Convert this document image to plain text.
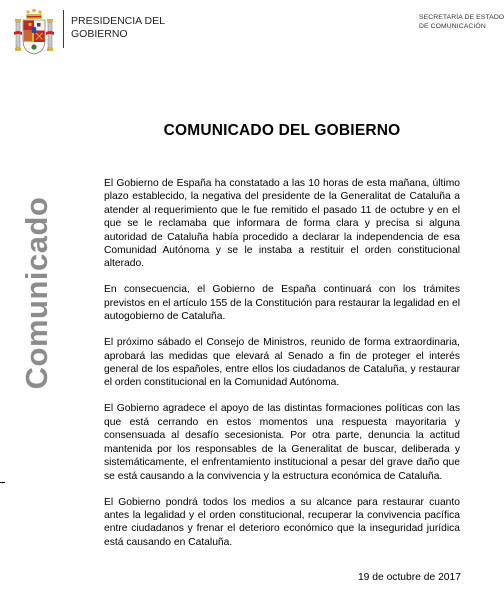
PRESIDENCIA DEL
GOBIERNO
SECRETARÍA DE ESTADO
DE COMUNICACIÓN
Comunicado
COMUNICADO DEL GOBIERNO

El Gobierno de España ha constatado a las 10 horas de esta mañana, último plazo establecido, la negativa del presidente de la Generalitat de Cataluña a atender al requerimiento que le fue remitido el pasado 11 de octubre y en el que se le reclamaba que informara de forma clara y precisa si alguna autoridad de Cataluña había procedido a declarar la independencia de esa Comunidad Autónoma y se le instaba a restituir el orden constitucional alterado.

En consecuencia, el Gobierno de España continuará con los trámites previstos en el artículo 155 de la Constitución para restaurar la legalidad en el autogobierno de Cataluña.

El próximo sábado el Consejo de Ministros, reunido de forma extraordinaria, aprobará las medidas que elevará al Senado a fin de proteger el interés general de los españoles, entre ellos los ciudadanos de Cataluña, y restaurar el orden constitucional en la Comunidad Autónoma.

El Gobierno agradece el apoyo de las distintas formaciones políticas con las que está cerrando en estos momentos una respuesta mayoritaria y consensuada al desafío secesionista. Por otra parte, denuncia la actitud mantenida por los responsables de la Generalitat de buscar, deliberada y sistemáticamente, el enfrentamiento institucional a pesar del grave daño que se está causando a la convivencia y la estructura económica de Cataluña.

El Gobierno pondrá todos los medios a su alcance para restaurar cuanto antes la legalidad y el orden constitucional, recuperar la convivencia pacífica entre ciudadanos y frenar el deterioro económico que la inseguridad jurídica está causando en Cataluña.

19 de octubre de 2017
